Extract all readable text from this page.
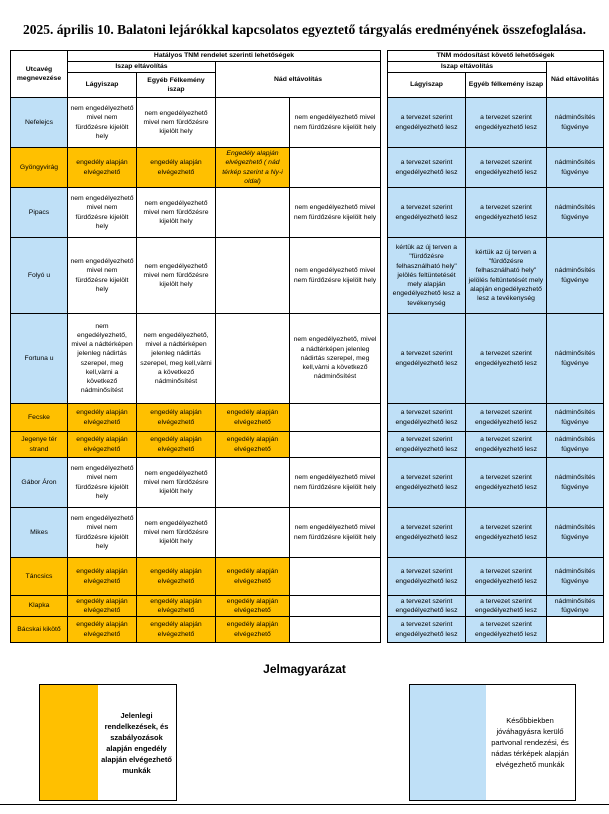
2025. április 10. Balatoni lejárókkal kapcsolatos egyeztető tárgyalás eredményének összefoglalása.
Utcavég megnevezése	Hatályos TNM rendelet szerinti lehetőségek					TNM módosítást követő lehetőségek		
	Iszap eltávolítás		Nád eltávolítás			Iszap eltávolítás		Nád eltávolítás
	Lágyiszap	Egyéb Félkemény iszap				Lágyiszap	Egyéb félkemény iszap	
Nefelejcs	nem engedélyezhető mivel nem fürdőzésre kijelölt hely	nem engedélyezhető mivel nem fürdőzésre kijelölt hely		nem engedélyezhető mivel nem fürdőzésre kijelölt hely		a tervezet szerint engedélyezhető lesz	a tervezet szerint engedélyezhető lesz	nádminősítés fügvénye
Gyöngyvirág	engedély alapján elvégezhető	engedély alapján elvégezhető	Engedély alapján elvégezhető ( nád térkép szerint a Ny-i oldal)			a tervezet szerint engedélyezhető lesz	a tervezet szerint engedélyezhető lesz	nádminősítés fügvénye
Pipacs	nem engedélyezhető mivel nem fürdőzésre kijelölt hely	nem engedélyezhető mivel nem fürdőzésre kijelölt hely		nem engedélyezhető mivel nem fürdőzésre kijelölt hely		a tervezet szerint engedélyezhető lesz	a tervezet szerint engedélyezhető lesz	nádminősítés fügvénye
Folyó u	nem engedélyezhető mivel nem fürdőzésre kijelölt hely	nem engedélyezhető mivel nem fürdőzésre kijelölt hely		nem engedélyezhető mivel nem fürdőzésre kijelölt hely		kértük az új terven a "fürdőzésre felhasználható hely" jelölés feltüntetését mely alapján engedélyezhető lesz a tevékenység	kértük az új terven a "fürdőzésre felhasználható hely" jelölés feltüntetését mely alapján engedélyezhető lesz a tevékenység	nádminősítés fügvénye
Fortuna u	nem engedélyezhető, mivel a nádtérképen jelenleg nádirtás szerepel, meg kell,vàrni a következő nádminősítést	nem engedélyezhető, mivel a nádtérképen jelenleg nádirtás szerepel, meg kell,vàrni a következő nádminősítést		nem engedélyezhető, mivel a nádtérképen jelenleg nádirtás szerepel, meg kell,vàrni a következő nádminősítést		a tervezet szerint engedélyezhető lesz	a tervezet szerint engedélyezhető lesz	nádminősítés fügvénye
Fecske	engedély alapján elvégezhető	engedély alapján elvégezhető	engedély alapján elvégezhető			a tervezet szerint engedélyezhető lesz	a tervezet szerint engedélyezhető lesz	nádminősítés fügvénye
Jegenye tér strand	engedély alapján elvégezhető	engedély alapján elvégezhető	engedély alapján elvégezhető			a tervezet szerint engedélyezhető lesz	a tervezet szerint engedélyezhető lesz	nádminősítés fügvénye
Gábor Áron	nem engedélyezhető mivel nem fürdőzésre kijelölt hely	nem engedélyezhető mivel nem fürdőzésre kijelölt hely		nem engedélyezhető mivel nem fürdőzésre kijelölt hely		a tervezet szerint engedélyezhető lesz	a tervezet szerint engedélyezhető lesz	nádminősítés fügvénye
Mikes	nem engedélyezhető mivel nem fürdőzésre kijelölt hely	nem engedélyezhető mivel nem fürdőzésre kijelölt hely		nem engedélyezhető mivel nem fürdőzésre kijelölt hely		a tervezet szerint engedélyezhető lesz	a tervezet szerint engedélyezhető lesz	nádminősítés fügvénye
Táncsics	engedély alapján elvégezhető	engedély alapján elvégezhető	engedély alapján elvégezhető			a tervezet szerint engedélyezhető lesz	a tervezet szerint engedélyezhető lesz	nádminősítés fügvénye
Klapka	engedély alapján elvégezhető	engedély alapján elvégezhető	engedély alapján elvégezhető			a tervezet szerint engedélyezhető lesz	a tervezet szerint engedélyezhető lesz	nádminősítés fügvénye
Bácskai kikötő	engedély alapján elvégezhető	engedély alapján elvégezhető	engedély alapján elvégezhető			a tervezet szerint engedélyezhető lesz	a tervezet szerint engedélyezhető lesz	
Jelmagyarázat
Jelenlegi rendelkezések, és szabályozások alapján engedély alapján elvégezhető munkák
Későbbiekben jóváhagyásra kerülő partvonal rendezési, és nádas térképek alapján elvégezhető munkák
